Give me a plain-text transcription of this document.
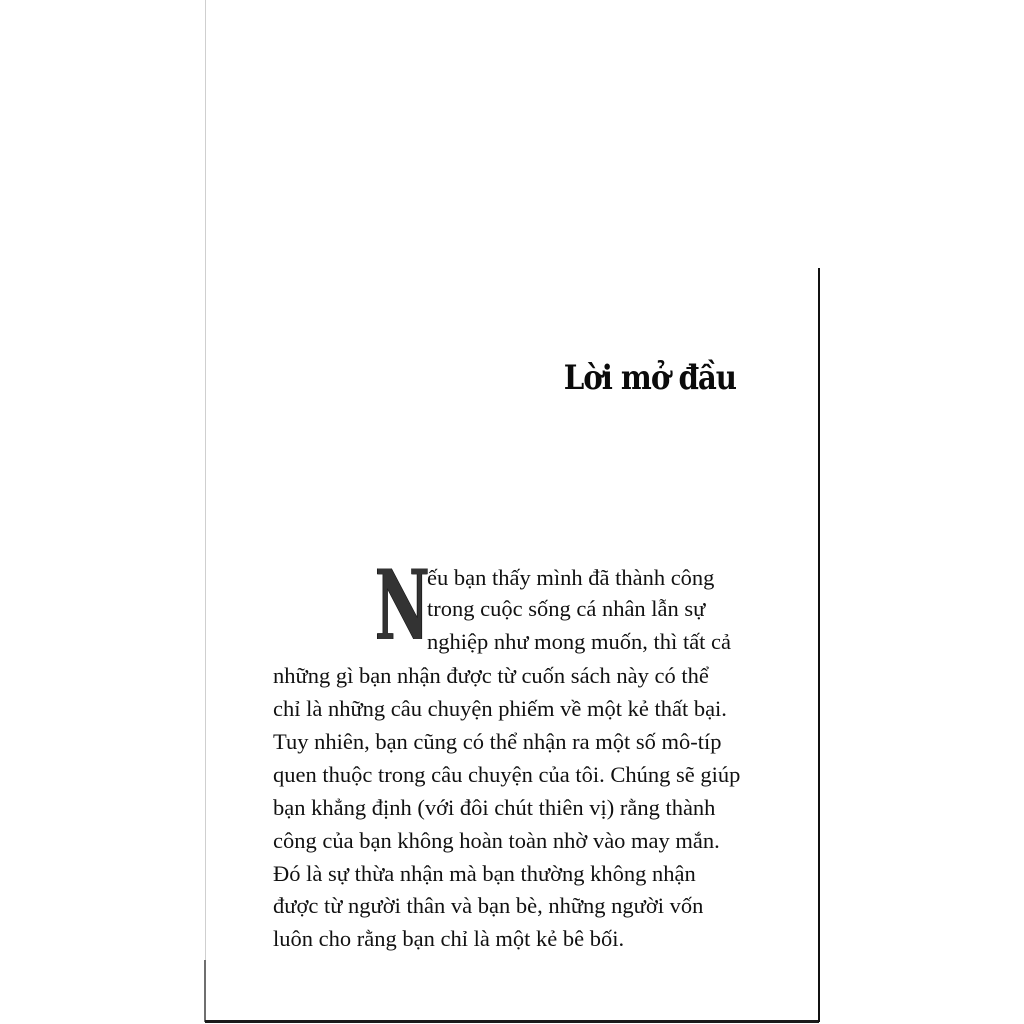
Lời mở đầu
N
ếu bạn thấy mình đã thành công
trong cuộc sống cá nhân lẫn sự
nghiệp như mong muốn, thì tất cả
những gì bạn nhận được từ cuốn sách này có thể
chỉ là những câu chuyện phiếm về một kẻ thất bại.
Tuy nhiên, bạn cũng có thể nhận ra một số mô-típ
quen thuộc trong câu chuyện của tôi. Chúng sẽ giúp
bạn khẳng định (với đôi chút thiên vị) rằng thành
công của bạn không hoàn toàn nhờ vào may mắn.
Đó là sự thừa nhận mà bạn thường không nhận
được từ người thân và bạn bè, những người vốn
luôn cho rằng bạn chỉ là một kẻ bê bối.
